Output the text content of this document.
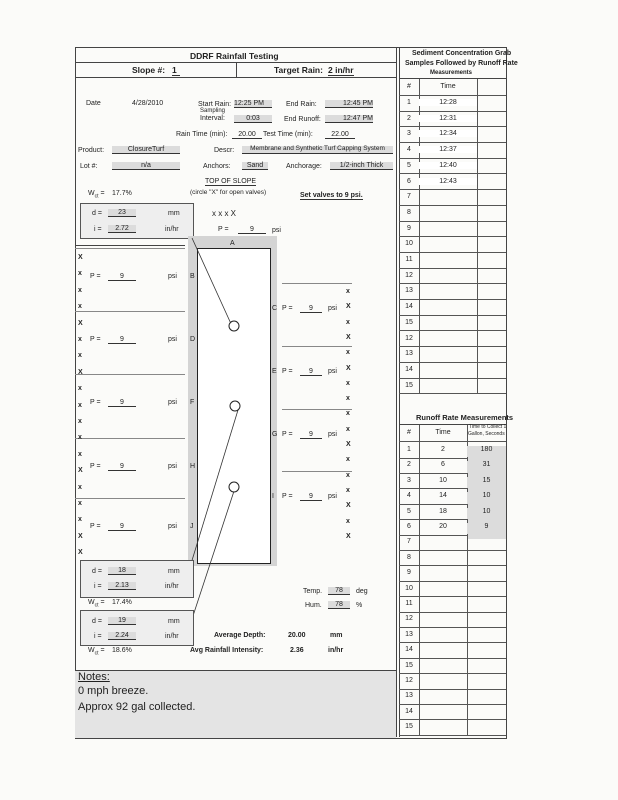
DDRF Rainfall Testing
Slope #: 1	Target Rain: 2 in/hr
Date	4/28/2010	Start Rain: 12:25 PM	End Rain:	12:45 PM
Sampling
Interval:	0:03	End Runoff:	12:47 PM
Rain Time (min):	20.00	Test Time (min):	22.00
Product:	ClosureTurf	Descr:	Membrane and Synthetic Turf Capping System
Lot #:	n/a	Anchors:	Sand	Anchorage:	1/2-inch Thick
TOP OF SLOPE
(circle "X" for open valves)	Set valves to 9 psi.
$W_{ct} = 17.7\%$
d =	23	mm
i =	2.72	in/hr
x x x X
P =	9	psi
A
P =	9	psi B
P =	9	psi D
P =	9	psi F
P =	9	psi H
P =	9	psi J
C P =	9	psi
E P =	9	psi
G P =	9	psi
I P =	9	psi
X
x
x
x
X
x
x
X
x
x
x
x
x
X
x
x
x
X
X
x
X
x
X
x
X
x
x
x
x
X
x
x
x
X
x
X
d =	18	mm
i =	2.13	in/hr
$W_{ct} = 17.4\%$
d =	19	mm
i =	2.24	in/hr
$W_{ct} = 18.6\%$
Temp.	78	deg
Hum.	78	%
Average Depth:	20.00	mm
Avg Rainfall Intensity:	2.36	in/hr
Notes:
0 mph breeze.
Approx 92 gal collected.
Sediment Concentration Grab
Samples Followed by Runoff Rate
Measurements
#	Time
1	12:28
2	12:31
3	12:34
4	12:37
5	12:40
6	12:43
7
8
9
10
11
12
13
14
15
12
13
14
15
Runoff Rate Measurements
#	Time
Time to Collect 1
Gallon, Seconds
1	2	180
2	6	31
3	10	15
4	14	10
5	18	10
6	20	9
7
8
9
10
11
12
13
14
15
12
13
14
15
